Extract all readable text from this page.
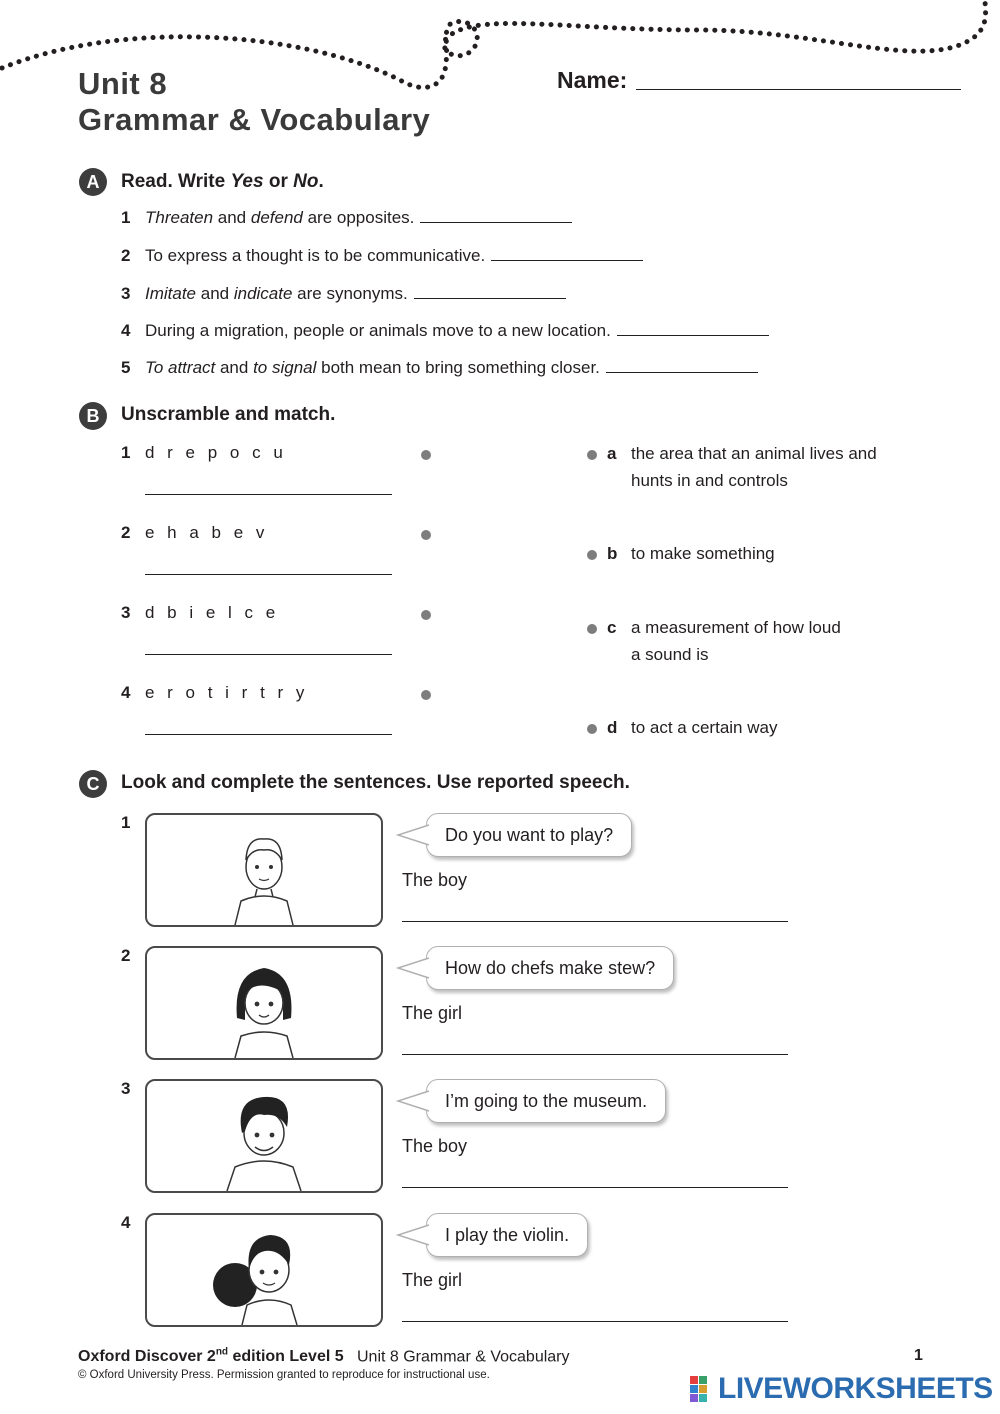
Unit 8
Grammar & Vocabulary
Name:
A	Read. Write Yes or No.
1 Threaten and defend are opposites.
2 To express a thought is to be communicative.
3 Imitate and indicate are synonyms.
4 During a migration, people or animals move to a new location.
5 To attract and to signal both mean to bring something closer.
B	Unscramble and match.
1 d r e p o c u
2 e h a b e v
3 d b i e l c e
4 e r o t i r t r y
a the area that an animal lives and
hunts in and controls
b to make something
c a measurement of how loud
a sound is
d to act a certain way
C	Look and complete the sentences. Use reported speech.
1
Do you want to play?
The boy
2
How do chefs make stew?
The girl
3
I’m going to the museum.
The boy
4
I play the violin.
The girl
Oxford Discover 2nd edition Level 5 Unit 8 Grammar & Vocabulary	1
© Oxford University Press. Permission granted to reproduce for instructional use.	LIVEWORKSHEETS
